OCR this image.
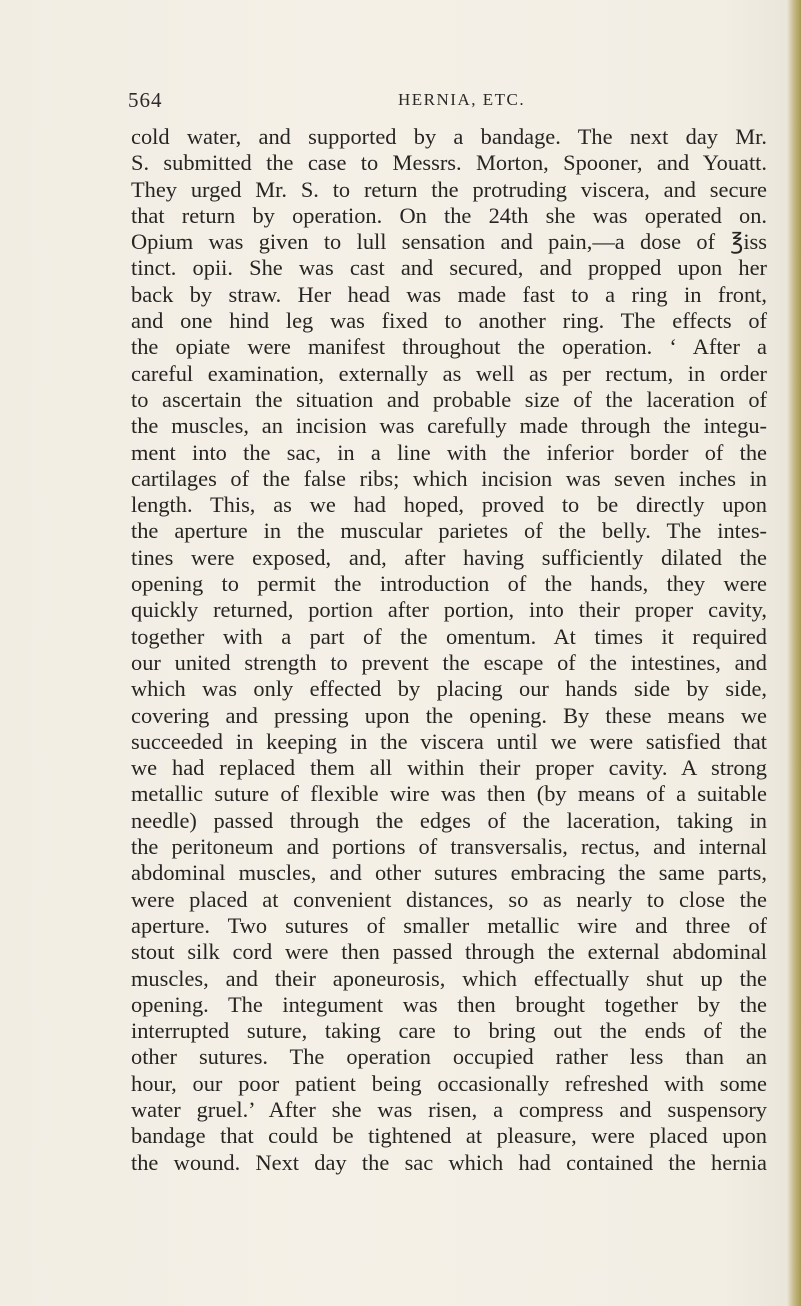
564	HERNIA, ETC.
cold water, and supported by a bandage. The next day Mr.
S. submitted the case to Messrs. Morton, Spooner, and Youatt.
They urged Mr. S. to return the protruding viscera, and secure
that return by operation. On the 24th she was operated on.
Opium was given to lull sensation and pain,—a dose of ℥iss
tinct. opii. She was cast and secured, and propped upon her
back by straw. Her head was made fast to a ring in front,
and one hind leg was fixed to another ring. The effects of
the opiate were manifest throughout the operation. ‘ After a
careful examination, externally as well as per rectum, in order
to ascertain the situation and probable size of the laceration of
the muscles, an incision was carefully made through the integu-
ment into the sac, in a line with the inferior border of the
cartilages of the false ribs; which incision was seven inches in
length. This, as we had hoped, proved to be directly upon
the aperture in the muscular parietes of the belly. The intes-
tines were exposed, and, after having sufficiently dilated the
opening to permit the introduction of the hands, they were
quickly returned, portion after portion, into their proper cavity,
together with a part of the omentum. At times it required
our united strength to prevent the escape of the intestines, and
which was only effected by placing our hands side by side,
covering and pressing upon the opening. By these means we
succeeded in keeping in the viscera until we were satisfied that
we had replaced them all within their proper cavity. A strong
metallic suture of flexible wire was then (by means of a suitable
needle) passed through the edges of the laceration, taking in
the peritoneum and portions of transversalis, rectus, and internal
abdominal muscles, and other sutures embracing the same parts,
were placed at convenient distances, so as nearly to close the
aperture. Two sutures of smaller metallic wire and three of
stout silk cord were then passed through the external abdominal
muscles, and their aponeurosis, which effectually shut up the
opening. The integument was then brought together by the
interrupted suture, taking care to bring out the ends of the
other sutures. The operation occupied rather less than an
hour, our poor patient being occasionally refreshed with some
water gruel.’ After she was risen, a compress and suspensory
bandage that could be tightened at pleasure, were placed upon
the wound. Next day the sac which had contained the hernia
